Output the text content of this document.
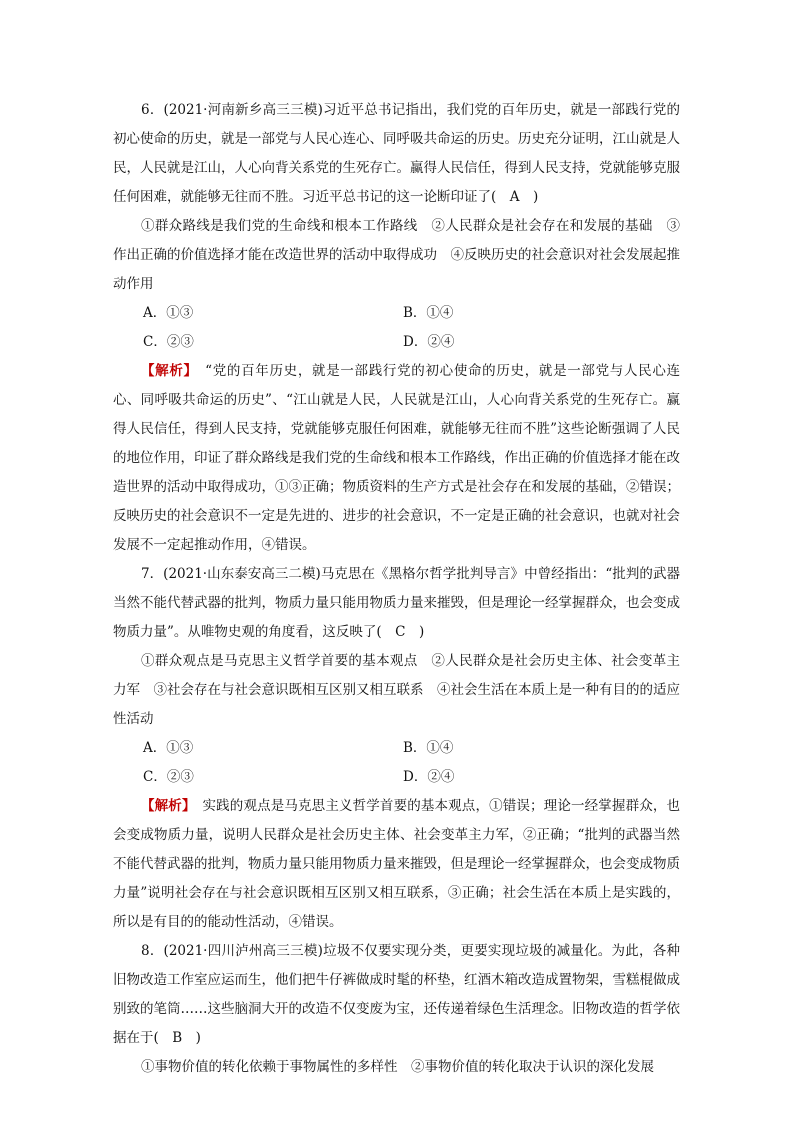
6．(2021·河南新乡高三三模)习近平总书记指出，我们党的百年历史，就是一部践行党的初心使命的历史，就是一部党与人民心连心、同呼吸共命运的历史。历史充分证明，江山就是人民，人民就是江山，人心向背关系党的生死存亡。赢得人民信任，得到人民支持，党就能够克服任何困难，就能够无往而不胜。习近平总书记的这一论断印证了(　A　)

①群众路线是我们党的生命线和根本工作路线　②人民群众是社会存在和发展的基础　③作出正确的价值选择才能在改造世界的活动中取得成功　④反映历史的社会意识对社会发展起推动作用

A．①③	B．①④
C．②③	D．②④

【解析】　 “党的百年历史，就是一部践行党的初心使命的历史，就是一部党与人民心连心、同呼吸共命运的历史”、“江山就是人民，人民就是江山，人心向背关系党的生死存亡。赢得人民信任，得到人民支持，党就能够克服任何困难，就能够无往而不胜”这些论断强调了人民的地位作用，印证了群众路线是我们党的生命线和根本工作路线，作出正确的价值选择才能在改造世界的活动中取得成功，①③正确；物质资料的生产方式是社会存在和发展的基础，②错误；反映历史的社会意识不一定是先进的、进步的社会意识，不一定是正确的社会意识，也就对社会发展不一定起推动作用，④错误。

7．(2021·山东泰安高三二模)马克思在《黑格尔哲学批判导言》中曾经指出：“批判的武器当然不能代替武器的批判，物质力量只能用物质力量来摧毁，但是理论一经掌握群众，也会变成物质力量”。从唯物史观的角度看，这反映了(　C　)

①群众观点是马克思主义哲学首要的基本观点　②人民群众是社会历史主体、社会变革主力军　③社会存在与社会意识既相互区别又相互联系　④社会生活在本质上是一种有目的的适应性活动

A．①③	B．①④
C．②③	D．②④

【解析】　 实践的观点是马克思主义哲学首要的基本观点，①错误；理论一经掌握群众，也会变成物质力量，说明人民群众是社会历史主体、社会变革主力军，②正确；“批判的武器当然不能代替武器的批判，物质力量只能用物质力量来摧毁，但是理论一经掌握群众，也会变成物质力量”说明社会存在与社会意识既相互区别又相互联系，③正确；社会生活在本质上是实践的，所以是有目的的能动性活动，④错误。

8．(2021·四川泸州高三三模)垃圾不仅要实现分类，更要实现垃圾的减量化。为此，各种旧物改造工作室应运而生，他们把牛仔裤做成时髦的杯垫，红酒木箱改造成置物架，雪糕棍做成别致的笔筒……这些脑洞大开的改造不仅变废为宝，还传递着绿色生活理念。旧物改造的哲学依据在于(　B　)

①事物价值的转化依赖于事物属性的多样性　②事物价值的转化取决于认识的深化发展
